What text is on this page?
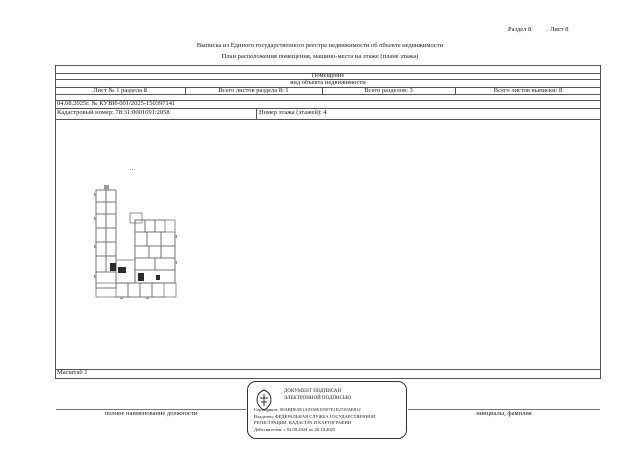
Раздел 8	Лист 8
Выписка из Единого государственного реестра недвижимости об объекте недвижимости
План расположения помещения, машино-места на этаже (плане этажа)
Помещение
вид объекта недвижимости
Лист № 1 раздела 8	Всего листов раздела 8: 1	Всего разделов: 3	Всего листов выписки: 8
04.08.2025г. № КУВИ-001/2025-150397141
Кадастровый номер: 78:31:0001691:2058	Номер этажа (этажей): 4
Масштаб 1
полное наименование должности	инициалы, фамилия
ДОКУМЕНТ ПОДПИСАН
ЭЛЕКТРОННОЙ ПОДПИСЬЮ
Сертификат: 00ABDE3E1A0338610507E1E2729AE812
Владелец: ФЕДЕРАЛЬНАЯ СЛУЖБА ГОСУДАРСТВЕННОЙ
РЕГИСТРАЦИИ, КАДАСТРА И КАРТОГРАФИИ
Действителен: с 02.08.2024 по 26.10.2025
